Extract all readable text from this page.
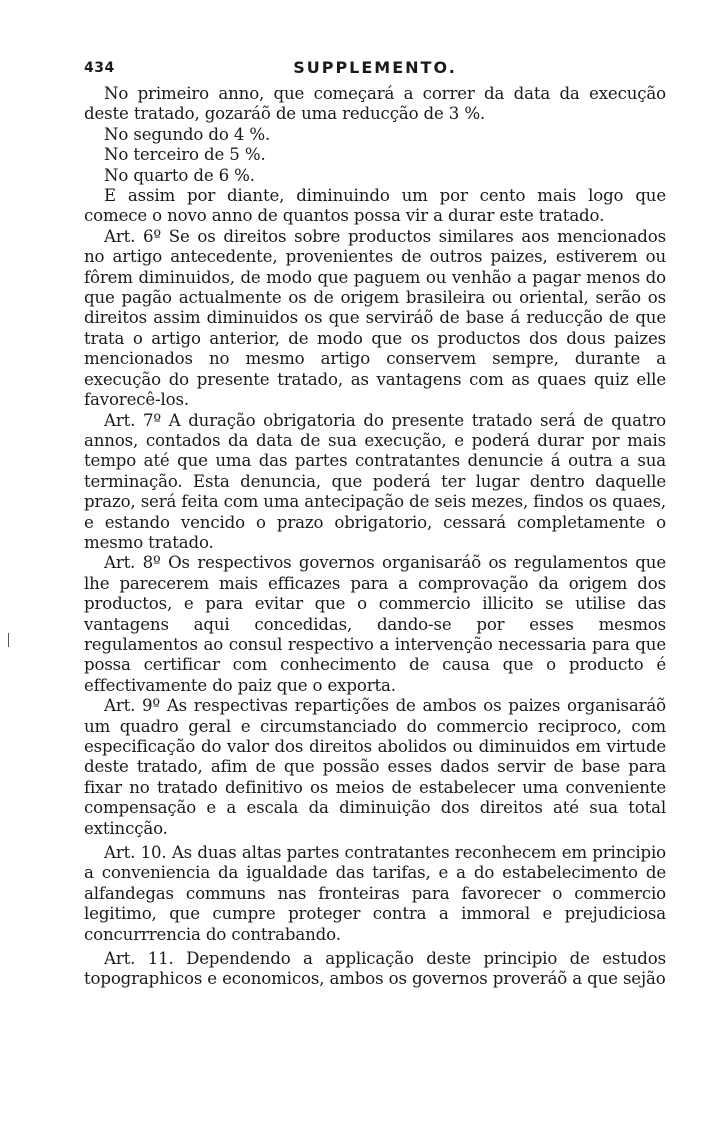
434	SUPPLEMENTO.

No primeiro anno, que começará a correr da data da execução deste tratado, gozaráõ de uma reducção de 3 %.

No segundo do 4 %.

No terceiro de 5 %.

No quarto de 6 %.

E assim por diante, diminuindo um por cento mais logo que comece o novo anno de quantos possa vir a durar este tratado.

Art. 6º Se os direitos sobre productos similares aos mencionados no artigo antecedente, provenientes de outros paizes, estiverem ou fôrem diminuidos, de modo que paguem ou venhão a pagar menos do que pagão actualmente os de origem brasileira ou oriental, serão os direitos assim diminuidos os que serviráõ de base á reducção de que trata o artigo anterior, de modo que os productos dos dous paizes mencionados no mesmo artigo conservem sempre, durante a execução do presente tratado, as vantagens com as quaes quiz elle favorecê-los.

Art. 7º A duração obrigatoria do presente tratado será de quatro annos, contados da data de sua execução, e poderá durar por mais tempo até que uma das partes contratantes denuncie á outra a sua terminação. Esta denuncia, que poderá ter lugar dentro daquelle prazo, será feita com uma antecipação de seis mezes, findos os quaes, e estando vencido o prazo obrigatorio, cessará completamente o mesmo tratado.

Art. 8º Os respectivos governos organisaráõ os regulamentos que lhe parecerem mais efficazes para a comprovação da origem dos productos, e para evitar que o commercio illicito se utilise das vantagens aqui concedidas, dando-se por esses mesmos regulamentos ao consul respectivo a intervenção necessaria para que possa certificar com conhecimento de causa que o producto é effectivamente do paiz que o exporta.

Art. 9º As respectivas repartições de ambos os paizes organisaráõ um quadro geral e circumstanciado do commercio reciproco, com especificação do valor dos direitos abolidos ou diminuidos em virtude deste tratado, afim de que possão esses dados servir de base para fixar no tratado definitivo os meios de estabelecer uma conveniente compensação e a escala da diminuição dos direitos até sua total extincção.

Art. 10. As duas altas partes contratantes reconhecem em principio a conveniencia da igualdade das tarifas, e a do estabelecimento de alfandegas communs nas fronteiras para favorecer o commercio legitimo, que cumpre proteger contra a immoral e prejudiciosa concurrrencia do contrabando.

Art. 11. Dependendo a applicação deste principio de estudos topographicos e economicos, ambos os governos proveráõ a que sejão
